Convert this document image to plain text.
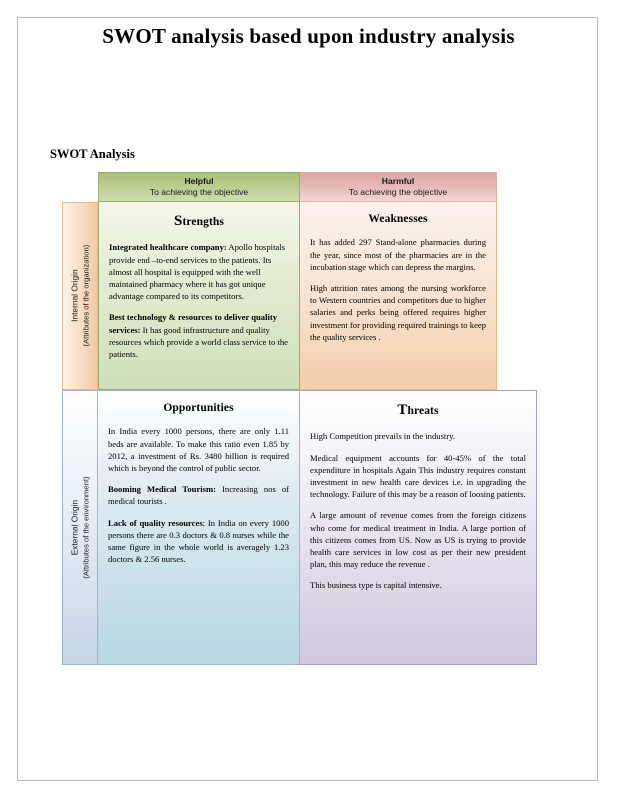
SWOT analysis based upon industry analysis
SWOT Analysis
Helpful
To achieving the objective
Harmful
To achieving the objective
Internal Origin (Attributes of the organization)
External Origin (Attributes of the environment)
Strengths

Integrated healthcare company: Apollo hospitals provide end –to-end services to the patients. Its almost all hospital is equipped with the well maintained pharmacy where it has got unique advantage compared to its competitors.

Best technology & resources to deliver quality services: It has good infrastructure and quality resources which provide a world class service to the patients.

Weaknesses

It has added 297 Stand-alone pharmacies during the year, since most of the pharmacies are in the incubation stage which can depress the margins.

High attrition rates among the nursing workforce to Western countries and competitors due to higher salaries and perks being offered requires higher investment for providing required trainings to keep the quality services .

Opportunities

In India every 1000 persons, there are only 1.11 beds are available. To make this ratio even 1.85 by 2012, a investment of Rs. 3480 billion is required which is beyond the control of public sector.

Booming Medical Tourism: Increasing nos of medical tourists .

Lack of quality resources: In India on every 1000 persons there are 0.3 doctors & 0.8 nurses while the same figure in the whole world is averagely 1.23 doctors & 2.56 nurses.

Threats

High Competition prevails in the industry.

Medical equipment accounts for 40-45% of the total expenditure in hospitals Again This industry requires constant investment in new health care devices i.e. in upgrading the technology. Failure of this may be a reason of loosing patients.

A large amount of revenue comes from the foreign citizens who come for medical treatment in India. A large portion of this citizens comes from US. Now as US is trying to provide health care services in low cost as per their new president plan, this may reduce the revenue .

This business type is capital intensive.
